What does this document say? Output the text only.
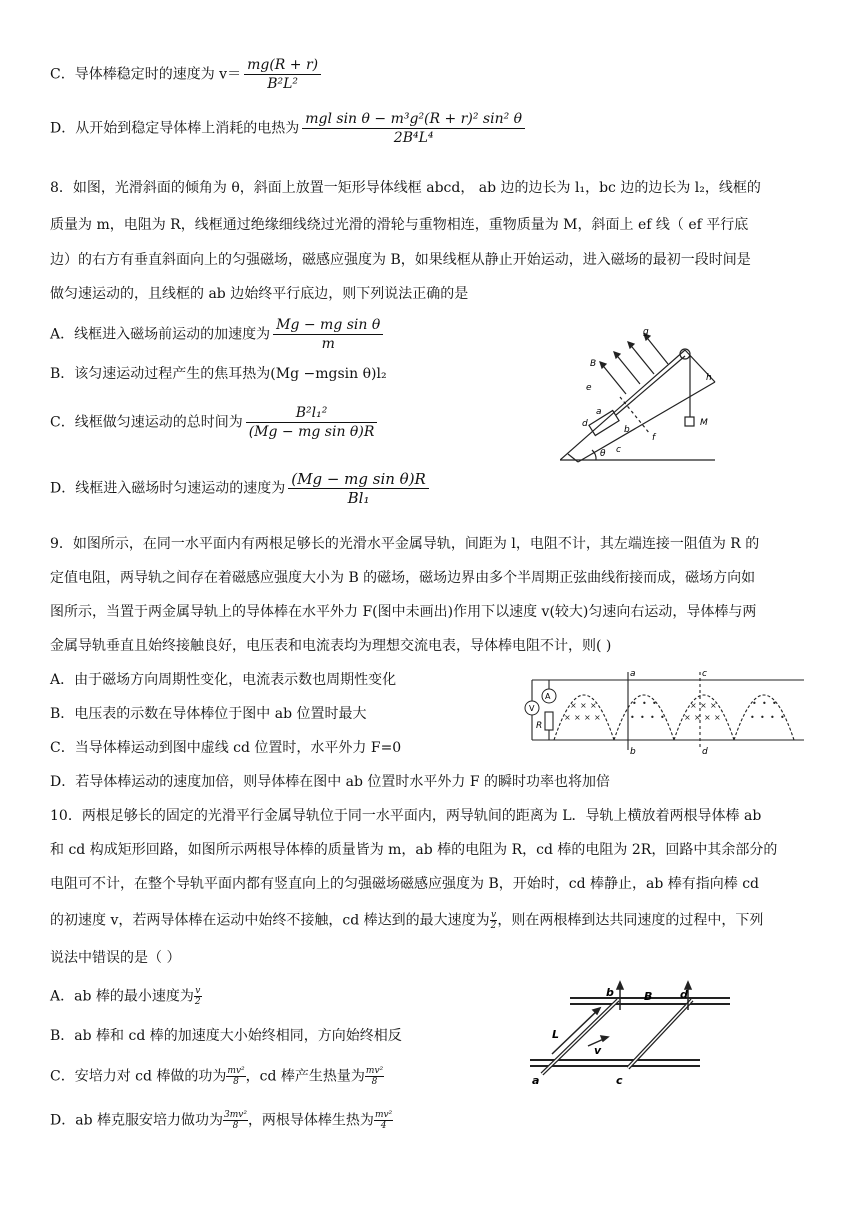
C．导体棒稳定时的速度为 $v= \frac{mg(R + r)}{\text{B²L²}}$
D．从开始到稳定导体棒上消耗的电热为
mgl sin θ − m³g²(R + r)² sin² θ
2B⁴L⁴
8．如图，光滑斜面的倾角为 θ，斜面上放置一矩形导体线框 abcd， ab 边的边长为 l₁，bc 边的边长为 l₂，线框的
质量为 m，电阻为 R，线框通过绝缘细线绕过光滑的滑轮与重物相连，重物质量为 M，斜面上 ef 线（ ef 平行底
边）的右方有垂直斜面向上的匀强磁场，磁感应强度为 B，如果线框从静止开始运动，进入磁场的最初一段时间是
做匀速运动的，且线框的 ab 边始终平行底边，则下列说法正确的是
A．线框进入磁场前运动的加速度为 $\frac{\text{Mg − mg sin θ}}{m}$
B．该匀速运动过程产生的焦耳热为(Mg −mgsin θ)l₂
C．线框做匀速运动的总时间为 $\frac{\text{B²l₁²}}{\text{(Mg − mg sin θ)R}}$
D．线框进入磁场时匀速运动的速度为 $\frac{\text{(Mg − mg sin θ)R}}{\text{Bl₁}}$
g
B
e
h
a
b
d
f
c
M
θ
9．如图所示，在同一水平面内有两根足够长的光滑水平金属导轨，间距为 l，电阻不计，其左端连接一阻值为 R 的
定值电阻，两导轨之间存在着磁感应强度大小为 B 的磁场，磁场边界由多个半周期正弦曲线衔接而成，磁场方向如
图所示，当置于两金属导轨上的导体棒在水平外力 F(图中未画出)作用下以速度 v(较大)匀速向右运动，导体棒与两
金属导轨垂直且始终接触良好，电压表和电流表均为理想交流电表，导体棒电阻不计，则( )
A．由于磁场方向周期性变化，电流表示数也周期性变化
B．电压表的示数在导体棒位于图中 ab 位置时最大
C．当导体棒运动到图中虚线 cd 位置时，水平外力 F=0
D．若导体棒运动的速度加倍，则导体棒在图中 ab 位置时水平外力 F 的瞬时功率也将加倍
A
V
R
a
b
c
d
× × ×
× × × ×
• • •
• • • •
× × ×
× × × ×
• • •
• • • •
10．两根足够长的固定的光滑平行金属导轨位于同一水平面内，两导轨间的距离为 L．导轨上横放着两根导体棒 ab
和 cd 构成矩形回路，如图所示两根导体棒的质量皆为 m，ab 棒的电阻为 R，cd 棒的电阻为 2R，回路中其余部分的
电阻可不计，在整个导轨平面内都有竖直向上的匀强磁场磁感应强度为 B，开始时，cd 棒静止，ab 棒有指向棒 cd
的初速度 v，若两导体棒在运动中始终不接触，cd 棒达到的最大速度为 $\frac{v}{2}$ ，则在两根棒到达共同速度的过程中，下列
说法中错误的是（ ）
A．ab 棒的最小速度为 $\frac{v}{2}$
B．ab 棒和 cd 棒的加速度大小始终相同，方向始终相反
C．安培力对 cd 棒做的功为 $\frac{\text{mv²}}{8}$ ，cd 棒产生热量为 $\frac{\text{mv²}}{8}$
D．ab 棒克服安培力做功为 $\frac{\text{3mv²}}{8}$ ，两根导体棒生热为 $\frac{\text{mv²}}{4}$
b	B	d
L
v
a	c
